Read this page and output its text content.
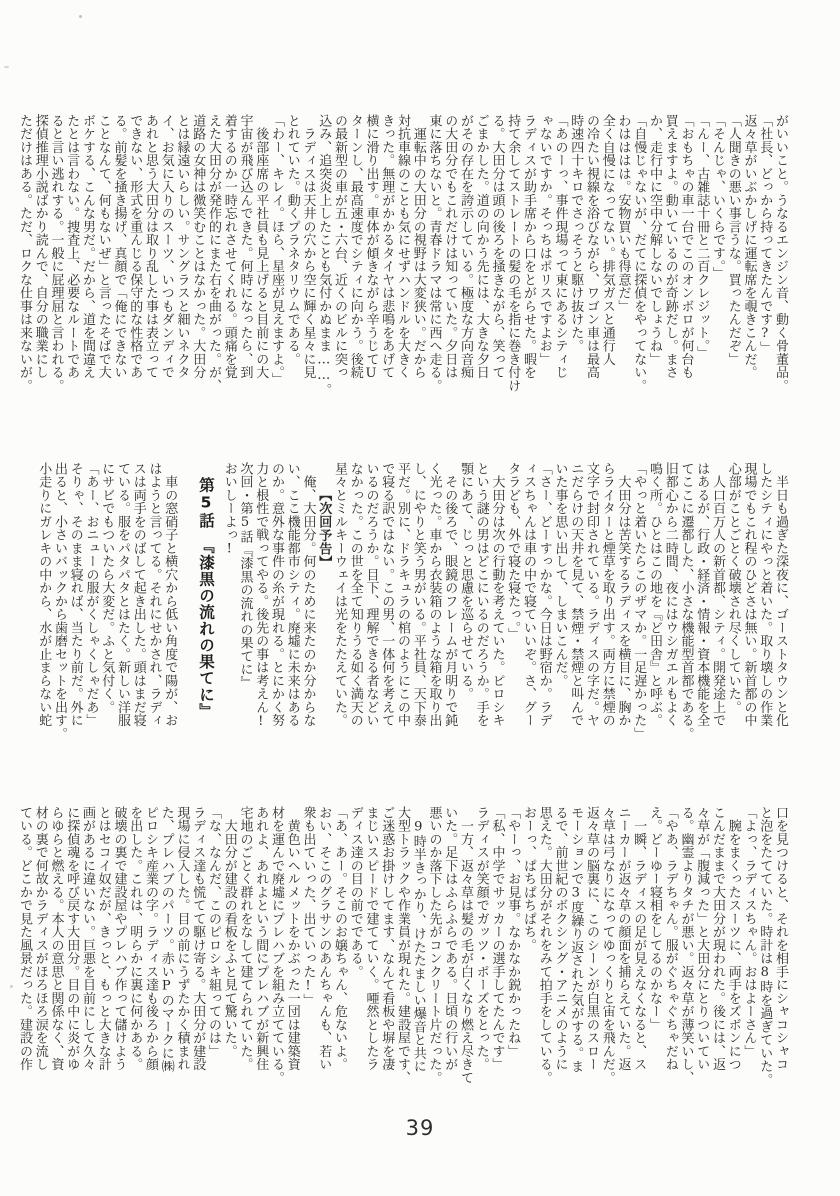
がいいこと。うなるエンジン音、動く骨董品。
「社長、どっから持ってきたんです?」
返々草がいぶかしげに運転席を覗きこんだ。
「人聞きの悪い事言うな。買ったんだぞ」
「そんじゃ、いくらです。」
「んー、古雑誌十冊と二百クレジット。」
「おもちゃの車一台でこのオンボロが何台も
買えますよ。動いているのが奇跡だし。まさ
か、走行中に空中分解しないでしょうね」
「自慢じゃないが、だてに探偵をやってない。
わはははは。安物買いも得意だ」
全く自慢になってない。排気ガスと通行人
の冷たい視線を浴びながら、ワゴン車は最高
時速四十キロでさっそうと駆け抜けた。
「あのーっ、事件現場って東にあるシティじ
ゃないですか。そっちはポリスですよお」
ラディスが助手席から口をとがらせた。暇を
持て余してストレートの髪の毛を指に巻き付け
る。大田分は頭の後ろを掻きながら、笑って
ごまかした。道の向かう先には、大きな夕日
がその存在を誇示している。極度な方向音痴
の大田分でもこれだけは知っていた。夕日は
東に落ちないと。青春ドラマは常に西へ走る。
　運転中の大田分の視野は大変狭い。だから
対抗車線のことも気にせずハンドルを大きく
きった。無理がかかるタイヤは悲鳴をあげて
横に滑り出す。車体が傾きながら辛うじてU
ターンし、最高速度でシティに向かう。後続
の最新型の車が五・六台、近くのビルに突っ
込み、追突炎上したことも気付かぬまま……。
　ラディスは天井の穴から空に輝く星々に見
とれていた。動くプラネタリウムである。
「わー、キレイ。ほら、星座が見えますよ。」
　後部座席の平社員も見上げると目前にの大
宇宙が飛び込んできた。何時になったら、到
着するのか一時忘れさせてくれる。頭痛を覚
えた大田分が発作的にまた右を曲がった。が、
道路の女神は微笑むことはなかった。大田分
とは縁遠いらしい。サングラスと細いネクタ
イ、お気に入りのスーツ、いつもダンディで
あれと思う大田分は取り乱した事は表立って
できない、形式を重んじる保守的な性格であ
る。前髪を掻き揚げ、真顔で「俺にできない
ことなんて、何もないぜ」と言ったそばで大
ボケする、こんな男だ。だから、道を間違え
たとは言わない。捜査上、必要なルートであ
ると言い逃れする。一般に屁理屈と言われる。
探偵推理小説ばかり読んで、自分の職業にし
ただけはある。ただ、ロクな仕事は来ないが。
　半日も過ぎた深夜に、ゴーストタウンと化
したシティにやっと着いた。取り壊しの作業
現場でもこれ程のひどさは無い。新首都の中
心部がことごとく破壊され尽くしていた。
　人口百万人の新首都、シティ。開発途上で
はあるが、行政・経済・情報・資本機能を全
てここに遷都した、小さな機能型首都である。
旧都心から二時間、夜にはウシガエルもよく
鳴く所。ひとはこの地を『ど田舎』と呼ぶ。
「やっと着いたらこのザマか。一足遅かった」
　大田分は苦笑するラディスを横目に、胸か
らライターと煙草を取り出す。両方に禁煙の
文字で封印されている。ラディスの字だ。ヤ
ニだらけの天井を見て、禁煙・禁煙と叫んで
いた事を思い出して、しまいこんだ。
「さー、どーすっかな。今日は野宿か。ラデ
ィスちゃんは車の中で寝ていいぞ。さ、グー
タラども、外で寝た寝たっ。」
　大田分は次の行動を考えていた。ピロシキ
という謎の男はどこにいるのだろうか。手を
顎にあて、じっと思慮を巡らせている。
　その後ろで、眼鏡のフレームが月明りで鈍
く光った。車から衣装箱のような箱を取り出
し、にやりと笑う男がいる。平社員、天下泰
平だ。別に、ドラキュラの棺のようにこの中
で寝る訳ではない。この男、一体何を考えて
いるのだろうか。目下、理解できる者などい
なかった。この世を全て知りうる如く満天の
星々とミルキーウェイは光をたたえていた。
【次回予告】
　俺、大田分。何のために来たのか分からな
い、ここ機能都市シティ。廃墟に未来はある
のか。意外な事件の糸が現れる。とにかく努
力と根性で戦ってやる。後先の事は考えん!
次回・第5話『漆黒の流れの果てに』
おいしーよっ!
第5話　『漆黒の流れの果てに』
　車の窓硝子と横穴から低い角度で陽が、お
はようと言ってる。それにせかされ、ラディ
スは両手をのばして起き出した。頭はまだ寝
ている。服をパタパタとはたく。新しい洋服
にサビでもついたら大変だ。ふと気付く。
「あー、おニューの服がくしゃくしゃだあ」
そりゃ、そのまま寝れば、当たり前だ。外に
出ると、小さいバックから歯磨セットを出す。
小走りにガレキの中から、水が止まらない蛇
口を見つけると、それを相手にシャコシャコ
と泡をたてていた。時計は8時を過ぎていた。
「よっ、ラディスちゃん。おはよーさん」
　腕をまくったスーツに、両手をズボンにつ
こんだままで大田分が現われた。後には、返
々草が「腹減った」と大田分にとりついてい
る。幽霊よりタチが悪い。返々草が薄笑いし、
「やあ、ラデちゃん。服がぐちゃぐちゃだね
え。どーゆー寝相をしてるのかなー」
　一瞬、ラディスの足が見えなくなると、ス
ニーカーが返々草の顔面を捕らえていた。返
々草は弓なりになってゆっくりと宙を飛んだ。
返々草の脳裏に、このシーンが白黒のスロー
モーションで3度繰り返された気がする。ま
るで、前世紀のボクシング・アニメのように
思えた。大田分がそれをみて拍手をしている。
おーっ、ぱちぱちぱち。
「やーっ、お見事。なかなか鋭かったね」
「私、中学でサッカーの選手してたんです」
ラディスが笑顔でガッツ・ポーズをとった。
　一方、返々草は髪の毛が白くなり燃え尽きて
いた。足下はふらふらである。日頃の行いが
悪いのか落下した先がコンクリート片だった。
　9時半きっかり、けたたましい爆音と共に
大型トラックや作業員が現れた。建設屋です、
ご迷惑お掛けしてます、なんて看板や塀を凄
まじいスピードで建てていく。唖然としたラ
ディス達の目の前でである。
「あ、あー。そこのお嬢ちゃん、危ないよ。
おい、そこのグラサンのあんちゃんも、若い
衆も出ていった、出ていった!」
　黄色いヘルメットをかぶった一団は建築資
材を運んで廃墟にプレハブを組み立てている。
あれよ、あれよという間にプレハブが新興住
宅地のごとく群れをなして建てられていた。
　大田分が建設の看板をふと見て驚いた。
「な、なんだ、このピロシキ組ってのは」
ラディス達も慌てて駆け寄る。大田分が建設
現場に侵入した。目の前にうずたかく積まれ
た、プレハブのパーツ。赤いPのマークに㈱
ピロシキ産業の字。ラディス達も後ろから顔
を出した。これは、明らかに裏に何かある。
破壊の裏で建設屋やプレハブ作って儲けよう
とはセコイ奴だが、きっと、もっと大きな計
画があるに違いない。巨悪を目前にして久々
に探偵魂を呼び戻す大田分。目の中に炎がゆ
らゆらと燃える。本人の意思と関係なく、資
材の裏で何故かラディスがほろほろ涙を流し
ている。どこかで見た風景だった。建設の作
39
